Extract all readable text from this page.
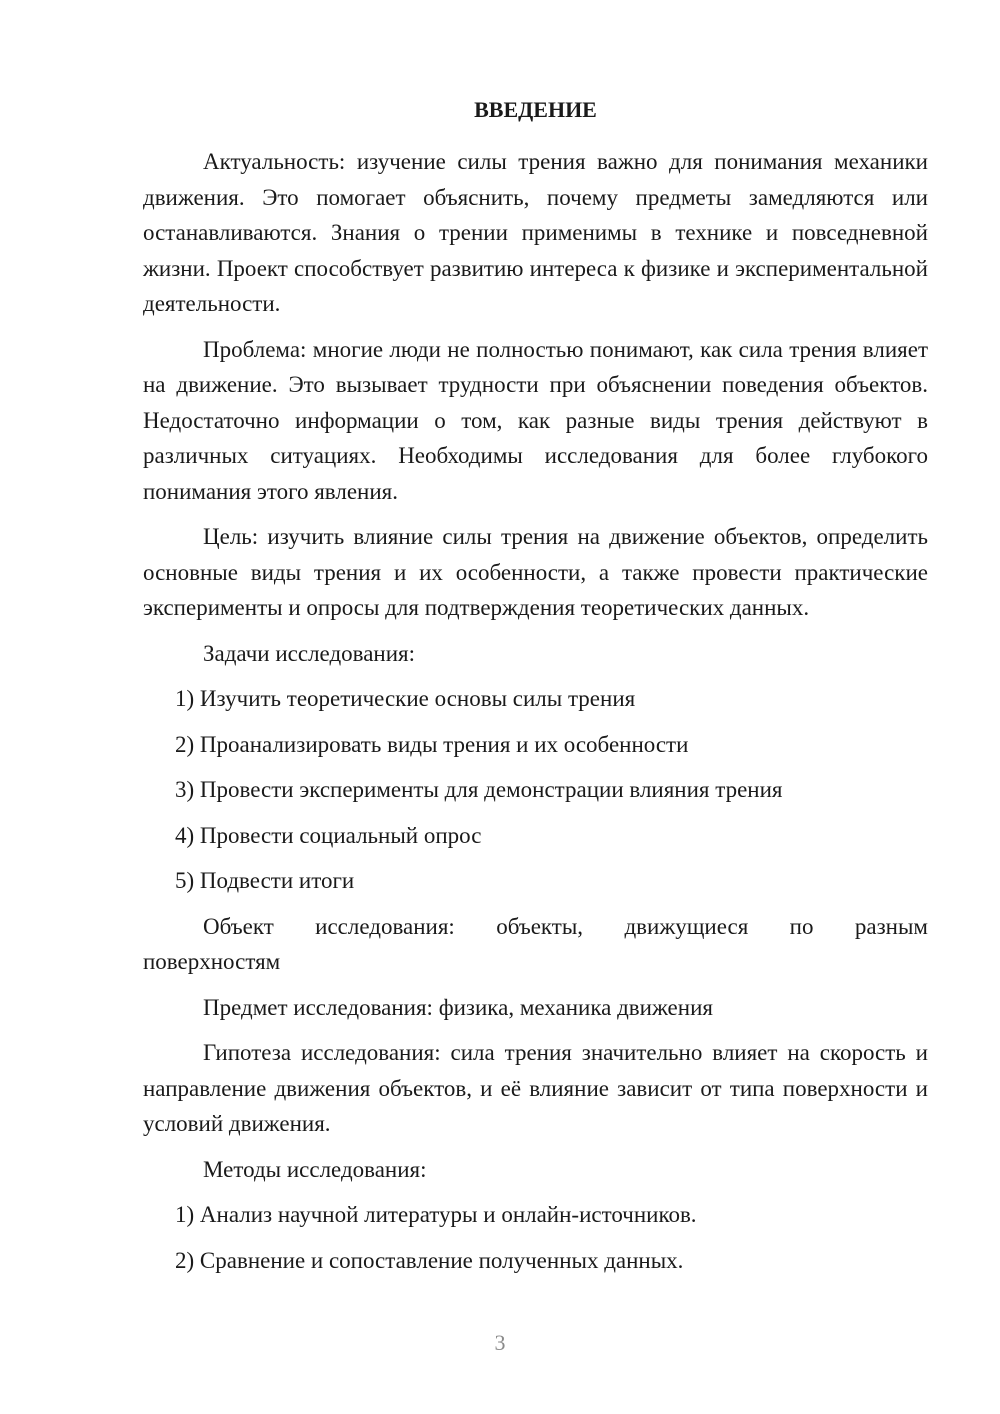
ВВЕДЕНИЕ

Актуальность: изучение силы трения важно для понимания механики движения. Это помогает объяснить, почему предметы замедляются или останавливаются. Знания о трении применимы в технике и повседневной жизни. Проект способствует развитию интереса к физике и экспериментальной деятельности.

Проблема: многие люди не полностью понимают, как сила трения влияет на движение. Это вызывает трудности при объяснении поведения объектов. Недостаточно информации о том, как разные виды трения действуют в различных ситуациях. Необходимы исследования для более глубокого понимания этого явления.

Цель: изучить влияние силы трения на движение объектов, определить основные виды трения и их особенности, а также провести практические эксперименты и опросы для подтверждения теоретических данных.

Задачи исследования:

1) Изучить теоретические основы силы трения
2) Проанализировать виды трения и их особенности
3) Провести эксперименты для демонстрации влияния трения
4) Провести социальный опрос
5) Подвести итоги

Объект исследования: объекты, движущиеся по разным

поверхностям

Предмет исследования: физика, механика движения

Гипотеза исследования: сила трения значительно влияет на скорость и направление движения объектов, и её влияние зависит от типа поверхности и условий движения.

Методы исследования:

1) Анализ научной литературы и онлайн-источников.
2) Сравнение и сопоставление полученных данных.
3
